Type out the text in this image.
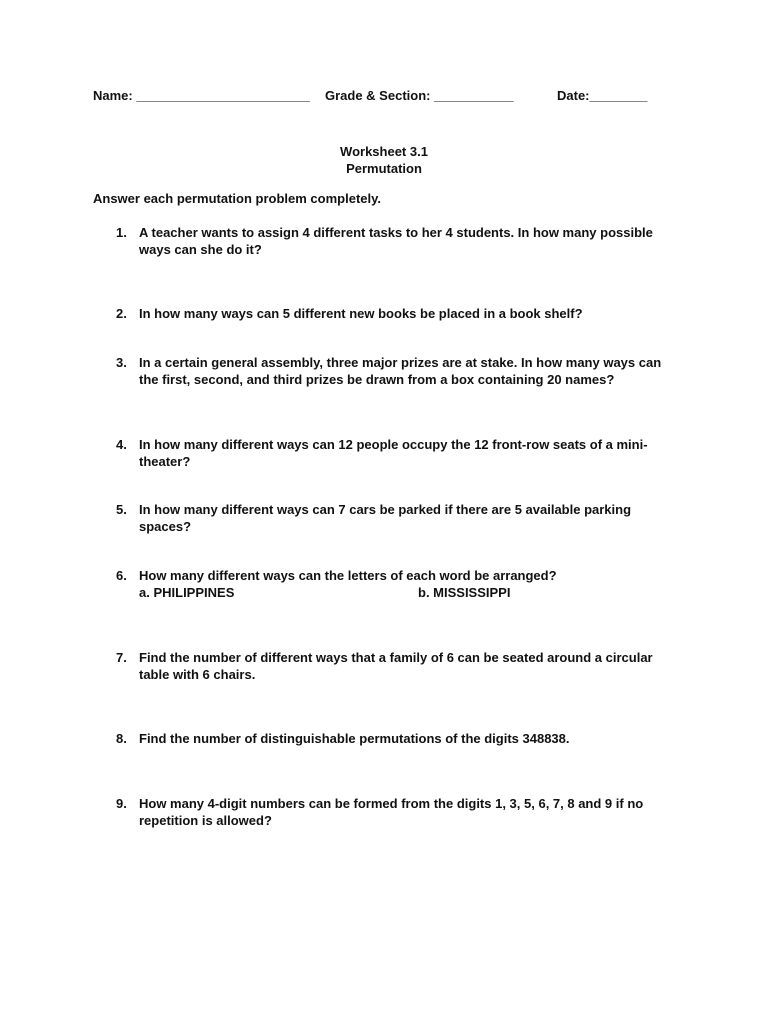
Name: ________________________ Grade & Section: ___________	Date:________
Worksheet 3.1
Permutation
Answer each permutation problem completely.
1. A teacher wants to assign 4 different tasks to her 4 students. In how many possible ways can she do it?
2. In how many ways can 5 different new books be placed in a book shelf?
3. In a certain general assembly, three major prizes are at stake. In how many ways can the first, second, and third prizes be drawn from a box containing 20 names?
4. In how many different ways can 12 people occupy the 12 front-row seats of a mini-theater?
5. In how many different ways can 7 cars be parked if there are 5 available parking spaces?
6. How many different ways can the letters of each word be arranged?
a. PHILIPPINES	b. MISSISSIPPI
7. Find the number of different ways that a family of 6 can be seated around a circular table with 6 chairs.
8. Find the number of distinguishable permutations of the digits 348838.
9. How many 4-digit numbers can be formed from the digits 1, 3, 5, 6, 7, 8 and 9 if no repetition is allowed?
